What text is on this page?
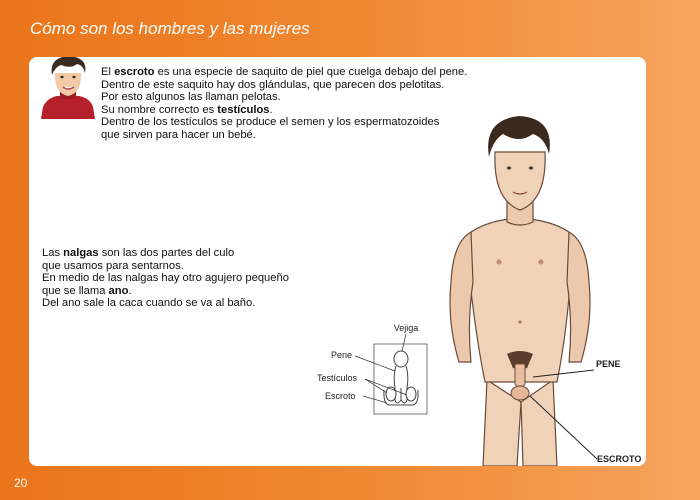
Cómo son los hombres y las mujeres

El escroto es una especie de saquito de piel que cuelga debajo del pene.

Dentro de este saquito hay dos glándulas, que parecen dos pelotitas.

Por esto algunos las llaman pelotas.

Su nombre correcto es testículos.

Dentro de los testículos se produce el semen y los espermatozoides

que sirven para hacer un bebé.

Las nalgas son las dos partes del culo

que usamos para sentarnos.

En medio de las nalgas hay otro agujero pequeño

que se llama ano.

Del ano sale la caca cuando se va al baño.

Vejiga
Pene
Testículos
Escroto
PENE
ESCROTO
20
